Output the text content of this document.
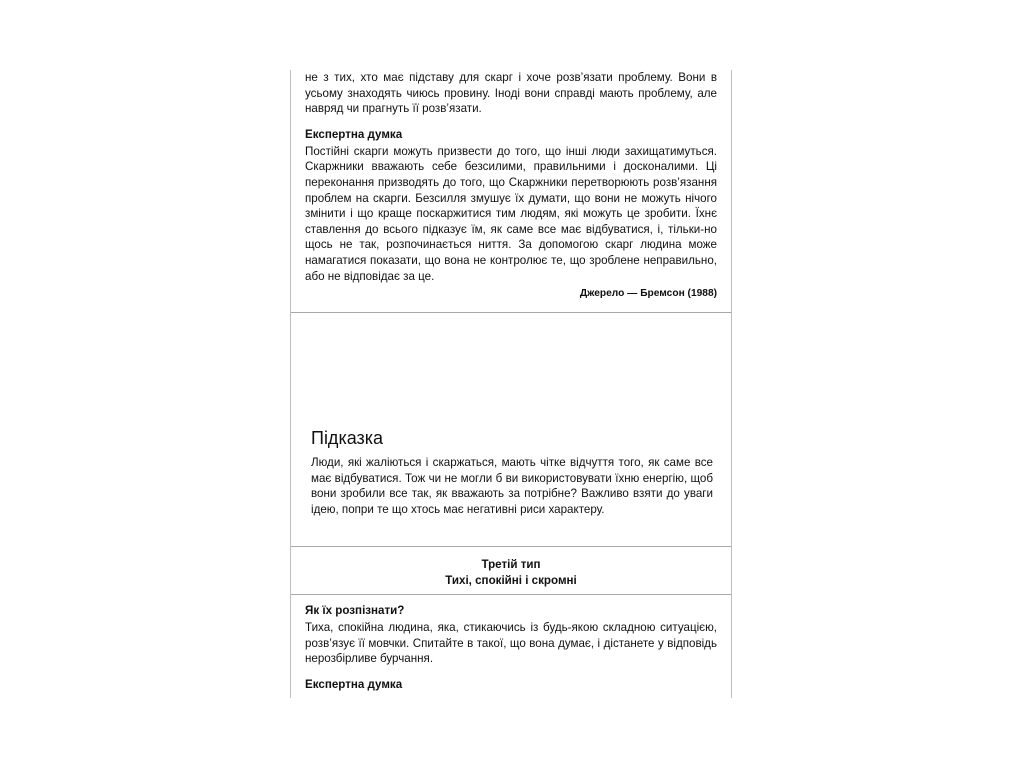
не з тих, хто має підставу для скарг і хоче розв’язати проблему. Вони в усьому знаходять чиюсь провину. Іноді вони справді мають проблему, але навряд чи прагнуть її розв’язати.

Експертна думка

Постійні скарги можуть призвести до того, що інші люди захищатимуться. Скаржники вважають себе безсилими, правильними і досконалими. Ці переконання призводять до того, що Скаржники перетворюють розв’язання проблем на скарги. Безсилля змушує їх думати, що вони не можуть нічого змінити і що краще поскаржитися тим людям, які можуть це зробити. Їхнє ставлення до всього підказує їм, як саме все має відбуватися, і, тільки-но щось не так, розпочинається ниття. За допомогою скарг людина може намагатися показати, що вона не контролює те, що зроблене неправильно, або не відповідає за це.

Джерело — Бремсон (1988)
Підказка

Люди, які жаліються і скаржаться, мають чітке відчуття того, як саме все має відбуватися. Тож чи не могли б ви використовувати їхню енергію, щоб вони зробили все так, як вважають за потрібне? Важливо взяти до уваги ідею, попри те що хтось має негативні риси характеру.

Третій тип
Тихі, спокійні і скромні
Як їх розпізнати?

Тиха, спокійна людина, яка, стикаючись із будь-якою складною ситуацією, розв’язує її мовчки. Спитайте в такої, що вона думає, і дістанете у відповідь нерозбірливе бурчання.

Експертна думка
